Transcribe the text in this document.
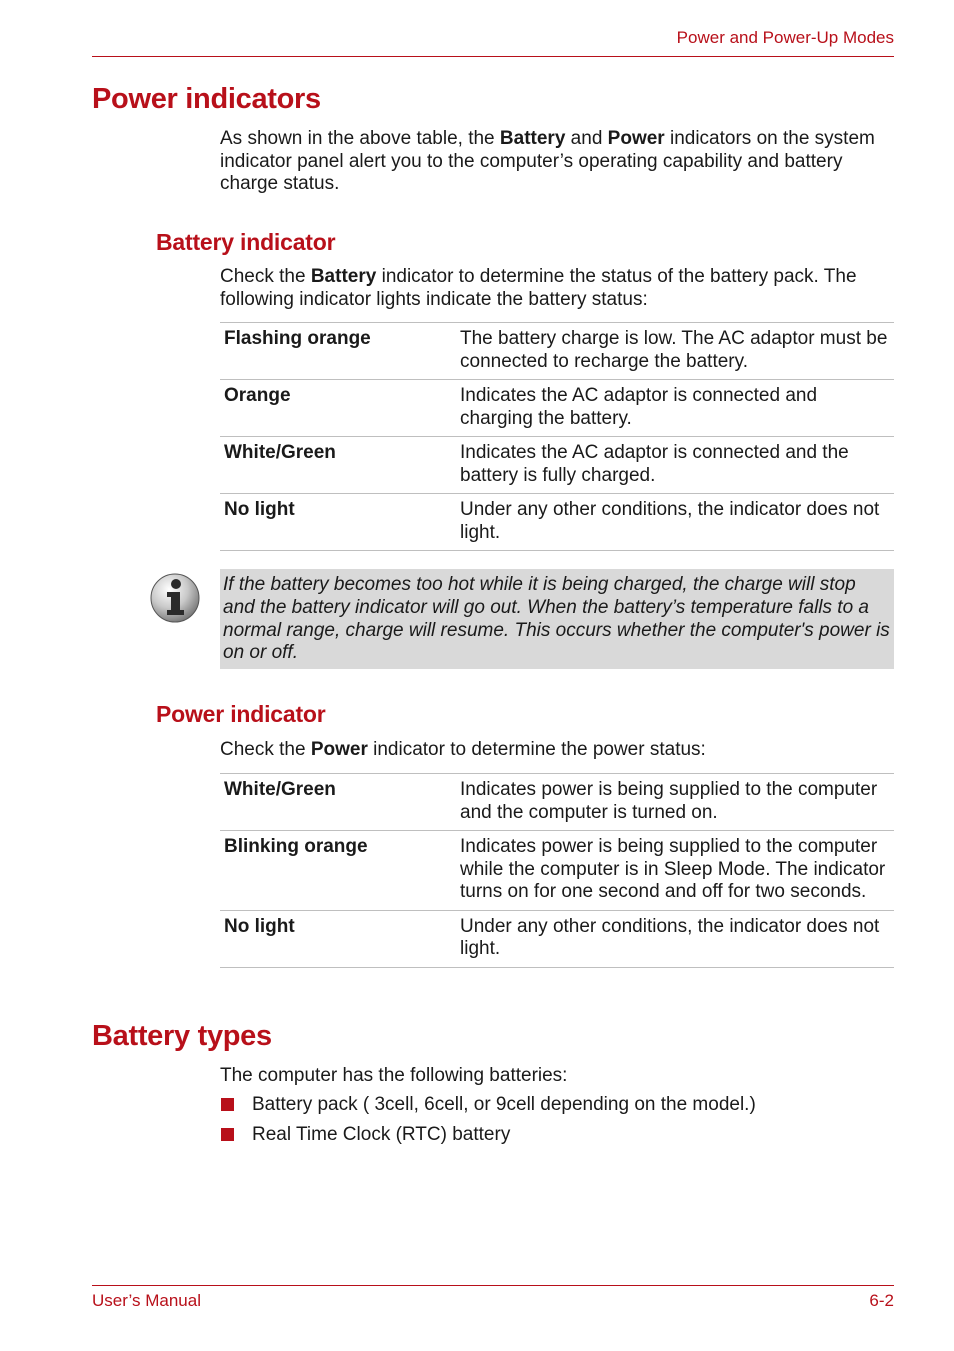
Power and Power-Up Modes
Power indicators

As shown in the above table, the Battery and Power indicators on the system indicator panel alert you to the computer’s operating capability and battery charge status.

Battery indicator

Check the Battery indicator to determine the status of the battery pack. The following indicator lights indicate the battery status:

Flashing orange	The battery charge is low. The AC adaptor must be connected to recharge the battery.
Orange	Indicates the AC adaptor is connected and charging the battery.
White/Green	Indicates the AC adaptor is connected and the battery is fully charged.
No light	Under any other conditions, the indicator does not light.

If the battery becomes too hot while it is being charged, the charge will stop and the battery indicator will go out. When the battery’s temperature falls to a normal range, charge will resume. This occurs whether the computer's power is on or off.

Power indicator

Check the Power indicator to determine the power status:

White/Green	Indicates power is being supplied to the computer and the computer is turned on.
Blinking orange	Indicates power is being supplied to the computer while the computer is in Sleep Mode. The indicator turns on for one second and off for two seconds.
No light	Under any other conditions, the indicator does not light.
Battery types

The computer has the following batteries:

Battery pack ( 3cell, 6cell, or 9cell depending on the model.)
Real Time Clock (RTC) battery
User’s Manual	6-2
